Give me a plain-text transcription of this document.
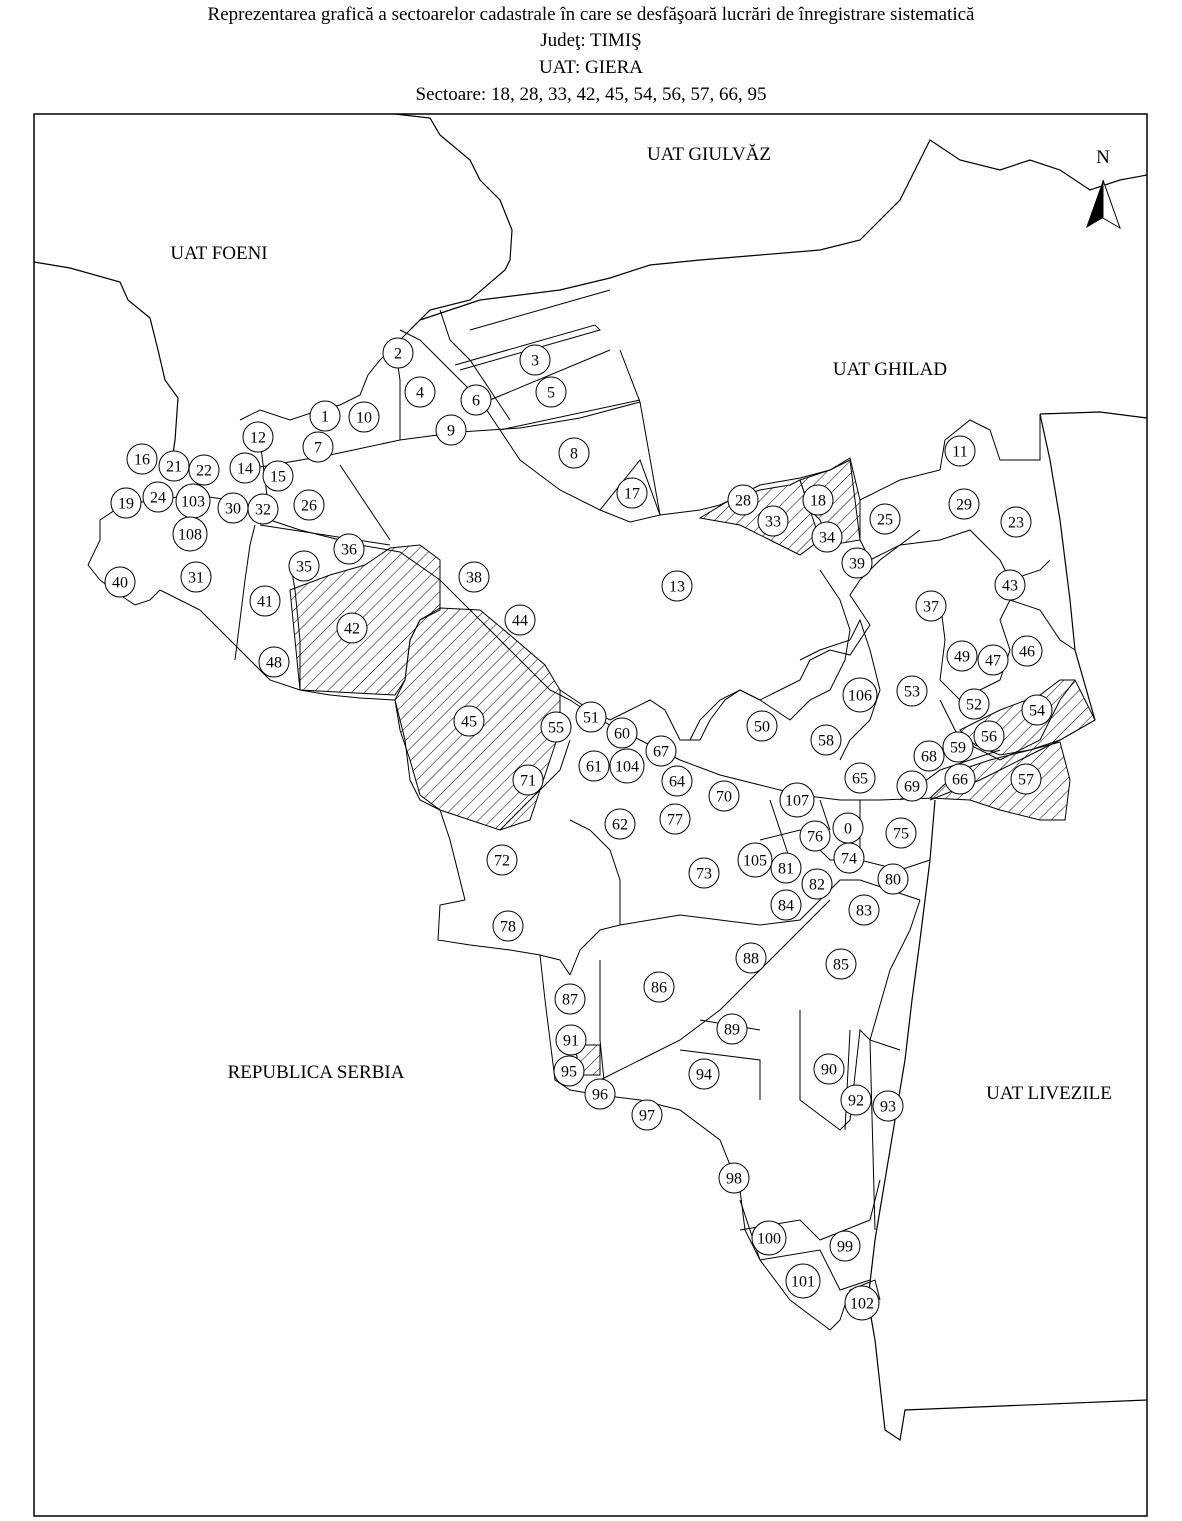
Reprezentarea grafică a sectoarelor cadastrale în care se desfăşoară lucrări de înregistrare sistematică
Judeţ: TIMIŞ
UAT: GIERA
Sectoare: 18, 28, 33, 42, 45, 54, 56, 57, 66, 95
N
UAT GIULVĂZ
UAT FOENI
UAT GHILAD
REPUBLICA SERBIA
UAT LIVEZILE
0
1
2	3
4	5
6
7	8
9
10
11
12
13
14 15
16
17	18
19
21 22
23
24
25
26	28	29
30
31
32
33
34
35
36
37
38
39
40
41
42
43
44
45
46
47
48	49
50
51
52
53
54
55
56
57
58	59
60
61
62
64	65	66
67	68
69
70
71
72
73
74
75
76
77
78
80
81
82
83
84
85
86
87
88
89
90
91
92 93
94
95
96
97
98
99
100
101
102
103
104
105
106
107
108
